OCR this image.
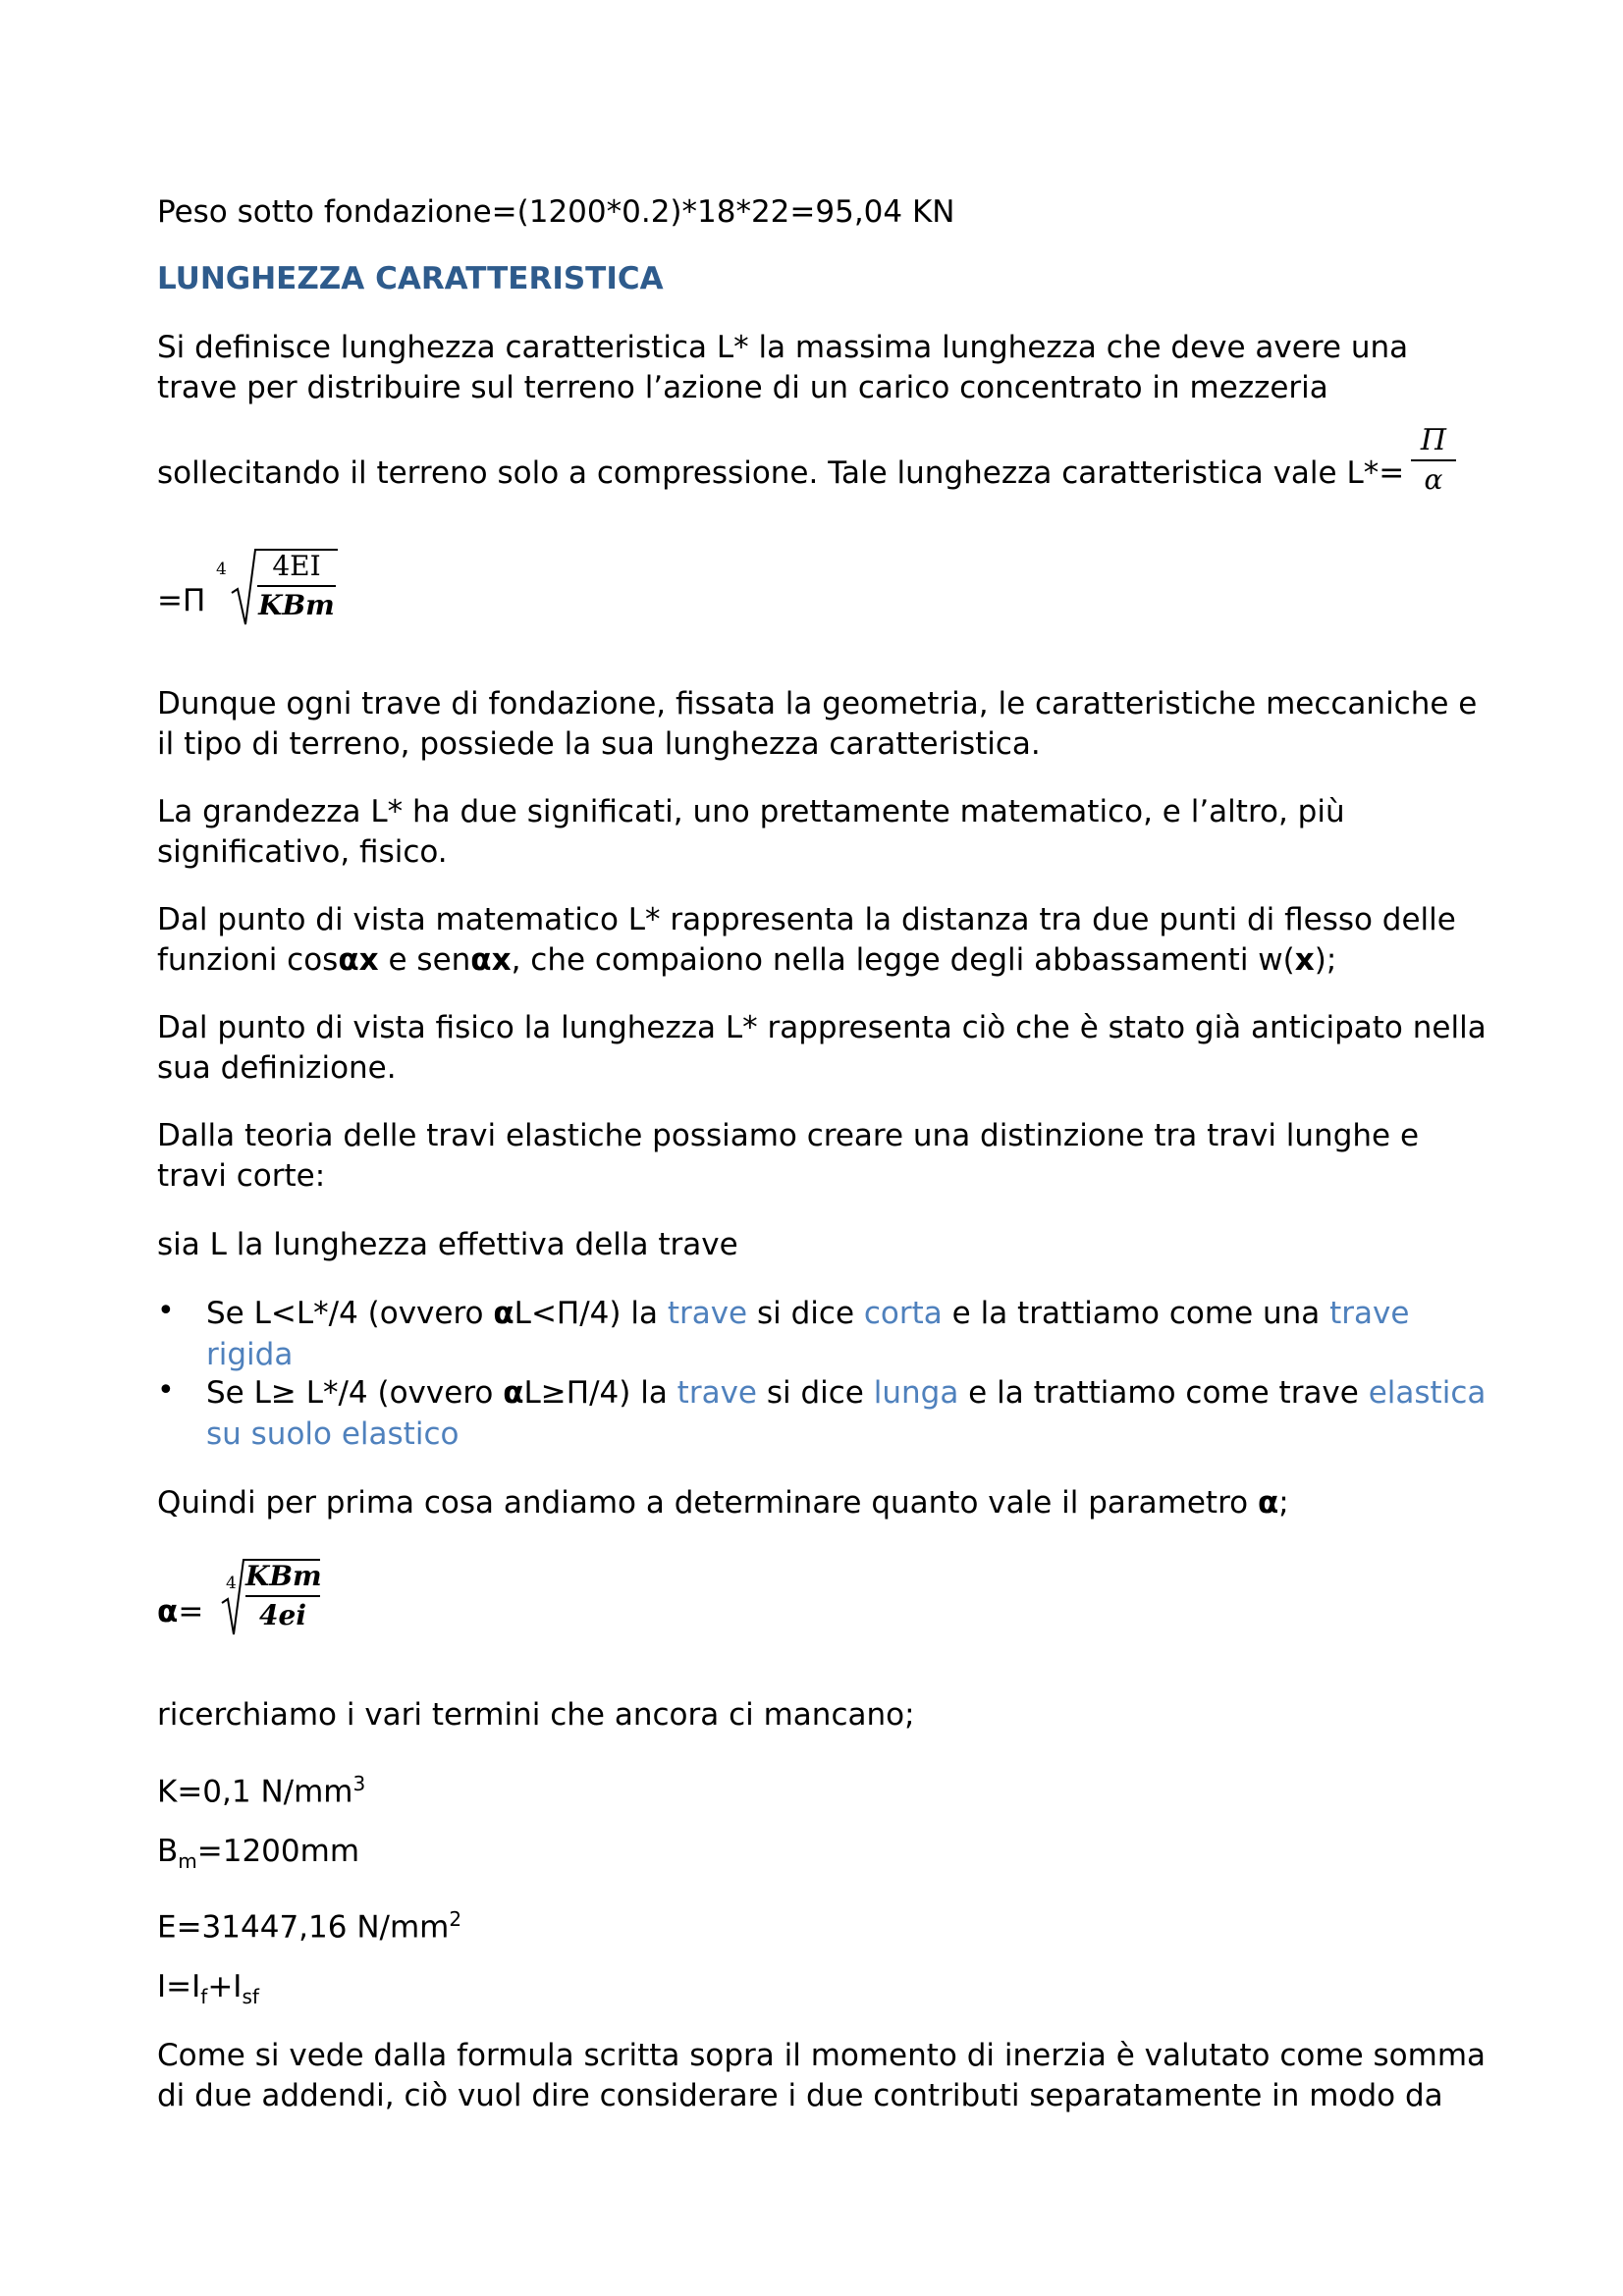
Peso sotto fondazione=(1200*0.2)*18*22=95,04 KN
LUNGHEZZA CARATTERISTICA
Si definisce lunghezza caratteristica L* la massima lunghezza che deve avere una
trave per distribuire sul terreno l’azione di un carico concentrato in mezzeria
sollecitando il terreno solo a compressione. Tale lunghezza caratteristica vale L*=
Π
α
=Π
4	4EI
KBm
Dunque ogni trave di fondazione, fissata la geometria, le caratteristiche meccaniche e
il tipo di terreno, possiede la sua lunghezza caratteristica.
La grandezza L* ha due significati, uno prettamente matematico, e l’altro, più
significativo, fisico.
Dal punto di vista matematico L* rappresenta la distanza tra due punti di flesso delle
funzioni cosαx e senαx, che compaiono nella legge degli abbassamenti w(x);
Dal punto di vista fisico la lunghezza L* rappresenta ciò che è stato già anticipato nella
sua definizione.
Dalla teoria delle travi elastiche possiamo creare una distinzione tra travi lunghe e
travi corte:
sia L la lunghezza effettiva della trave
• Se L<L*/4 (ovvero αL<Π/4) la trave si dice corta e la trattiamo come una trave
rigida
• Se L≥ L*/4 (ovvero αL≥Π/4) la trave si dice lunga e la trattiamo come trave elastica
su suolo elastico
Quindi per prima cosa andiamo a determinare quanto vale il parametro α;
α=
4 KBm
4ei
ricerchiamo i vari termini che ancora ci mancano;
K=0,1 $N/mm^3$
$B_m=1200mm$
E=31447,16 $N/mm^2$
$I=I_f+I_{sf}$
Come si vede dalla formula scritta sopra il momento di inerzia è valutato come somma
di due addendi, ciò vuol dire considerare i due contributi separatamente in modo da
